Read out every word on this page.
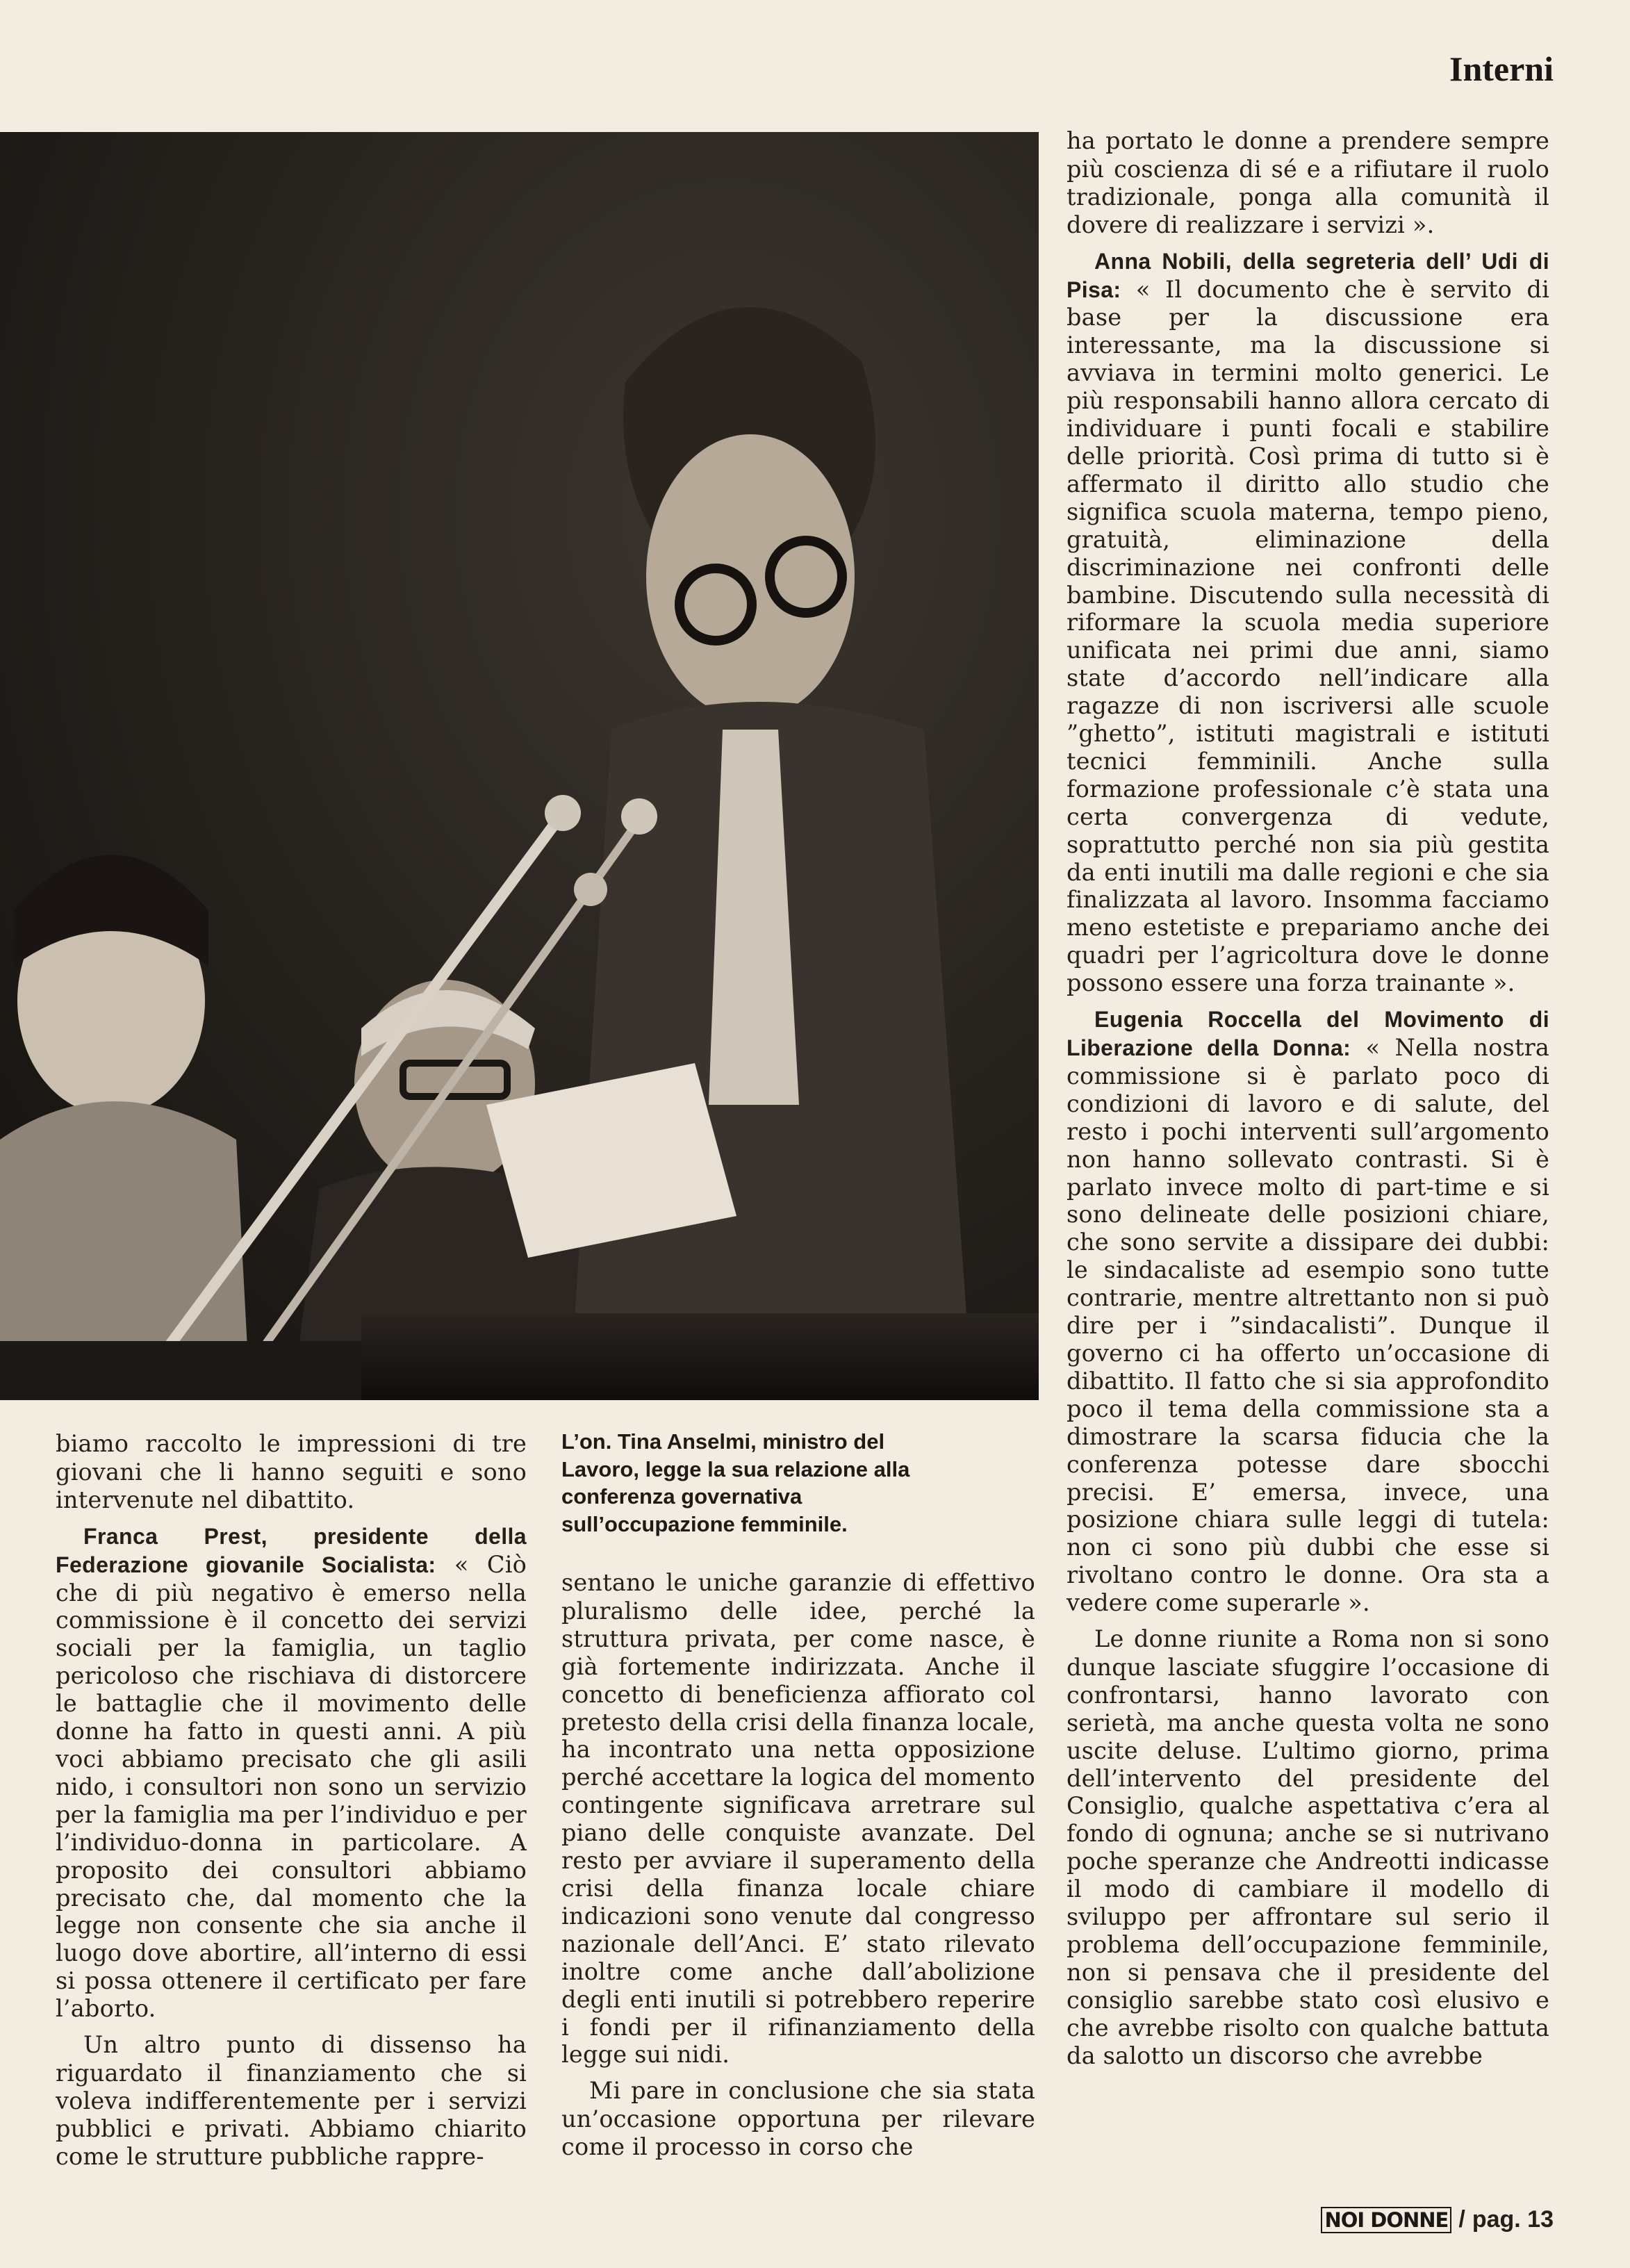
Interni

biamo raccolto le impressioni di tre giovani che li hanno seguiti e sono intervenute nel dibattito.

Franca Prest, presidente della Federazione giovanile Socialista: « Ciò che di più negativo è emerso nella commissione è il concetto dei servizi sociali per la famiglia, un taglio pericoloso che rischiava di distorcere le battaglie che il movimento delle donne ha fatto in questi anni. A più voci abbiamo precisato che gli asili nido, i consultori non sono un servizio per la famiglia ma per l’individuo e per l’individuo-donna in particolare. A proposito dei consultori abbiamo precisato che, dal momento che la legge non consente che sia anche il luogo dove abortire, all’interno di essi si possa ottenere il certificato per fare l’aborto.

Un altro punto di dissenso ha riguardato il finanziamento che si voleva indifferentemente per i servizi pubblici e privati. Abbiamo chiarito come le strutture pubbliche rappre-

L’on. Tina Anselmi, ministro del Lavoro, legge la sua relazione alla conferenza governativa sull’occupazione femminile.

sentano le uniche garanzie di effettivo pluralismo delle idee, perché la struttura privata, per come nasce, è già fortemente indirizzata. Anche il concetto di beneficienza affiorato col pretesto della crisi della finanza locale, ha incontrato una netta opposizione perché accettare la logica del momento contingente significava arretrare sul piano delle conquiste avanzate. Del resto per avviare il superamento della crisi della finanza locale chiare indicazioni sono venute dal congresso nazionale dell’Anci. E’ stato rilevato inoltre come anche dall’abolizione degli enti inutili si potrebbero reperire i fondi per il rifinanziamento della legge sui nidi.

Mi pare in conclusione che sia stata un’occasione opportuna per rilevare come il processo in corso che

ha portato le donne a prendere sempre più coscienza di sé e a rifiutare il ruolo tradizionale, ponga alla comunità il dovere di realizzare i servizi ».

Anna Nobili, della segreteria dell’ Udi di Pisa: « Il documento che è servito di base per la discussione era interessante, ma la discussione si avviava in termini molto generici. Le più responsabili hanno allora cercato di individuare i punti focali e stabilire delle priorità. Così prima di tutto si è affermato il diritto allo studio che significa scuola materna, tempo pieno, gratuità, eliminazione della discriminazione nei confronti delle bambine. Discutendo sulla necessità di riformare la scuola media superiore unificata nei primi due anni, siamo state d’accordo nell’indicare alla ragazze di non iscriversi alle scuole ”ghetto”, istituti magistrali e istituti tecnici femminili. Anche sulla formazione professionale c’è stata una certa convergenza di vedute, soprattutto perché non sia più gestita da enti inutili ma dalle regioni e che sia finalizzata al lavoro. Insomma facciamo meno estetiste e prepariamo anche dei quadri per l’agricoltura dove le donne possono essere una forza trainante ».

Eugenia Roccella del Movimento di Liberazione della Donna: « Nella nostra commissione si è parlato poco di condizioni di lavoro e di salute, del resto i pochi interventi sull’argomento non hanno sollevato contrasti. Si è parlato invece molto di part-time e si sono delineate delle posizioni chiare, che sono servite a dissipare dei dubbi: le sindacaliste ad esempio sono tutte contrarie, mentre altrettanto non si può dire per i ”sindacalisti”. Dunque il governo ci ha offerto un’occasione di dibattito. Il fatto che si sia approfondito poco il tema della commissione sta a dimostrare la scarsa fiducia che la conferenza potesse dare sbocchi precisi. E’ emersa, invece, una posizione chiara sulle leggi di tutela: non ci sono più dubbi che esse si rivoltano contro le donne. Ora sta a vedere come superarle ».

Le donne riunite a Roma non si sono dunque lasciate sfuggire l’occasione di confrontarsi, hanno lavorato con serietà, ma anche questa volta ne sono uscite deluse. L’ultimo giorno, prima dell’intervento del presidente del Consiglio, qualche aspettativa c’era al fondo di ognuna; anche se si nutrivano poche speranze che Andreotti indicasse il modo di cambiare il modello di sviluppo per affrontare sul serio il problema dell’occupazione femminile, non si pensava che il presidente del consiglio sarebbe stato così elusivo e che avrebbe risolto con qualche battuta da salotto un discorso che avrebbe

NOI DONNE / pag. 13
